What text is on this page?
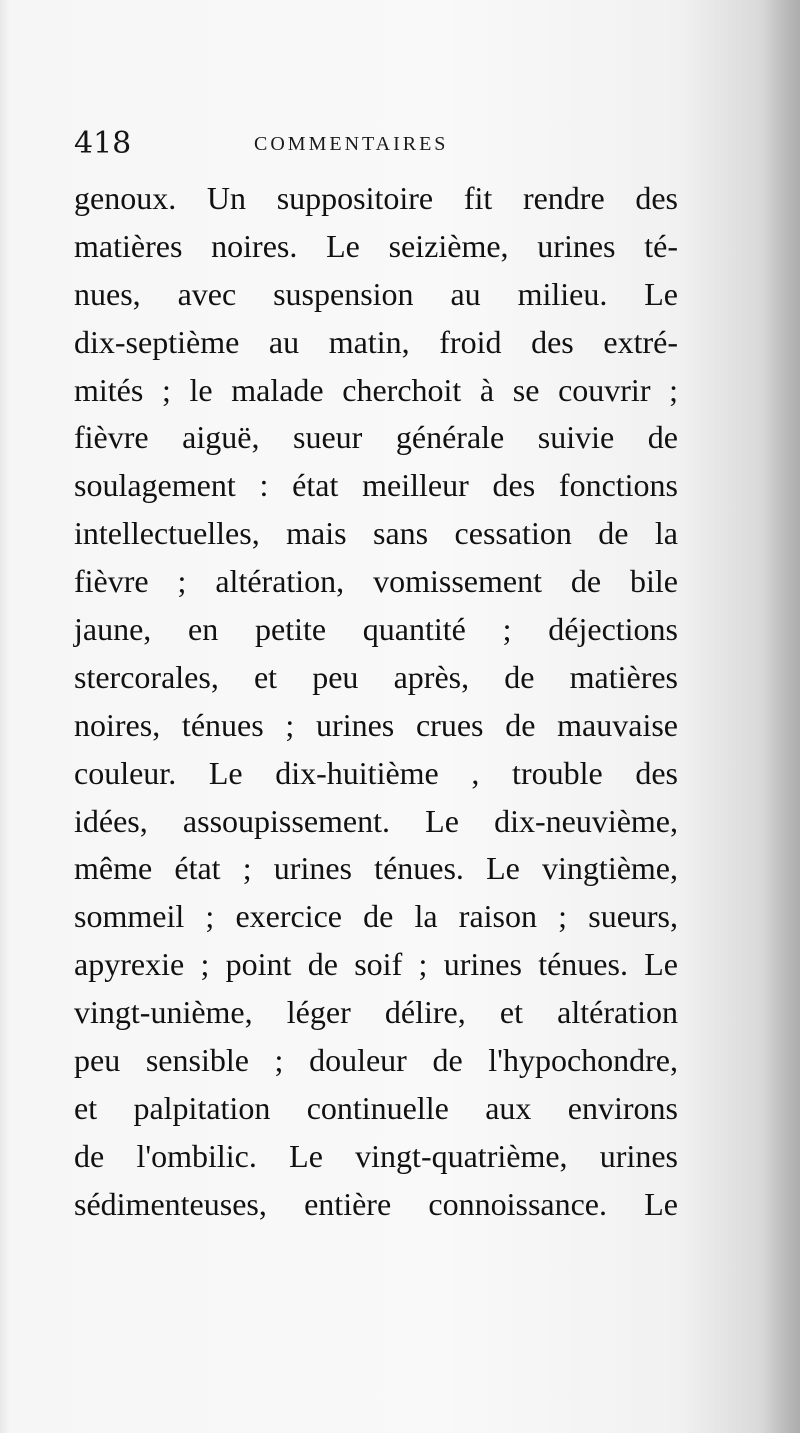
418	COMMENTAIRES
genoux. Un suppositoire fit rendre des
matières noires. Le seizième, urines té-
nues, avec suspension au milieu. Le
dix-septième au matin, froid des extré-
mités ; le malade cherchoit à se couvrir ;
fièvre aiguë, sueur générale suivie de
soulagement : état meilleur des fonctions
intellectuelles, mais sans cessation de la
fièvre ; altération, vomissement de bile
jaune, en petite quantité ; déjections
stercorales, et peu après, de matières
noires, ténues ; urines crues de mauvaise
couleur. Le dix-huitième , trouble des
idées, assoupissement. Le dix-neuvième,
même état ; urines ténues. Le vingtième,
sommeil ; exercice de la raison ; sueurs,
apyrexie ; point de soif ; urines ténues. Le
vingt-unième, léger délire, et altération
peu sensible ; douleur de l'hypochondre,
et palpitation continuelle aux environs
de l'ombilic. Le vingt-quatrième, urines
sédimenteuses, entière connoissance. Le
